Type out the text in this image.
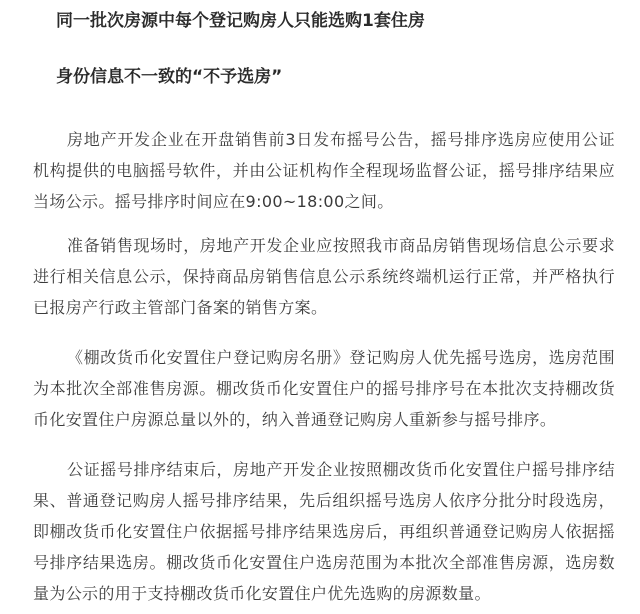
同一批次房源中每个登记购房人只能选购1套住房
身份信息不一致的“不予选房”

房地产开发企业在开盘销售前3日发布摇号公告，摇号排序选房应使用公证机构提供的电脑摇号软件，并由公证机构作全程现场监督公证，摇号排序结果应当场公示。摇号排序时间应在9:00~18:00之间。

准备销售现场时，房地产开发企业应按照我市商品房销售现场信息公示要求进行相关信息公示，保持商品房销售信息公示系统终端机运行正常，并严格执行已报房产行政主管部门备案的销售方案。

《棚改货币化安置住户登记购房名册》登记购房人优先摇号选房，选房范围为本批次全部准售房源。棚改货币化安置住户的摇号排序号在本批次支持棚改货币化安置住户房源总量以外的，纳入普通登记购房人重新参与摇号排序。

公证摇号排序结束后，房地产开发企业按照棚改货币化安置住户摇号排序结果、普通登记购房人摇号排序结果，先后组织摇号选房人依序分批分时段选房，即棚改货币化安置住户依据摇号排序结果选房后，再组织普通登记购房人依据摇号排序结果选房。棚改货币化安置住户选房范围为本批次全部准售房源，选房数量为公示的用于支持棚改货币化安置住户优先选购的房源数量。
